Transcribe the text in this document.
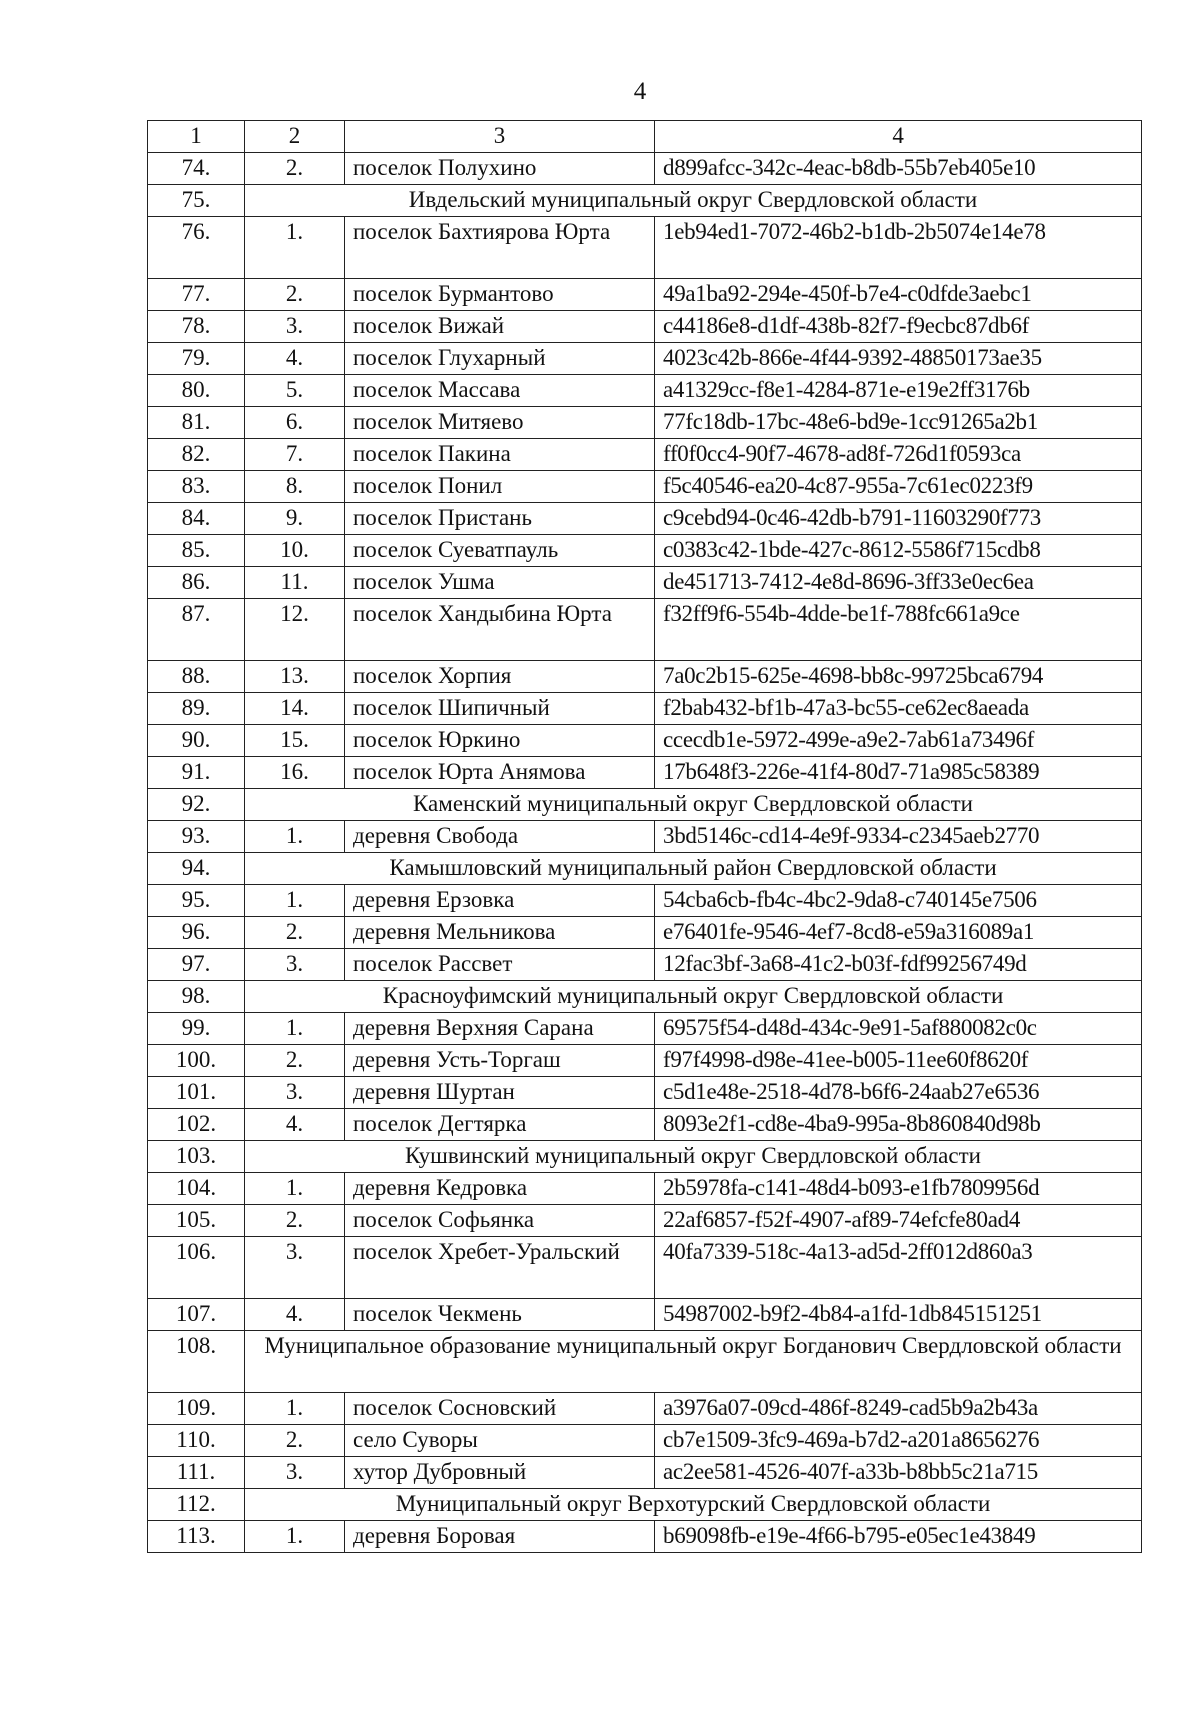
4
1	2	3	4
74.	2.	поселок Полухино	d899afcc-342c-4eac-b8db-55b7eb405e10
75.	Ивдельский муниципальный округ Свердловской области		
76.	1.	поселок Бахтиярова Юрта	1eb94ed1-7072-46b2-b1db-2b5074e14e78
77.	2.	поселок Бурмантово	49a1ba92-294e-450f-b7e4-c0dfde3aebc1
78.	3.	поселок Вижай	c44186e8-d1df-438b-82f7-f9ecbc87db6f
79.	4.	поселок Глухарный	4023c42b-866e-4f44-9392-48850173ae35
80.	5.	поселок Массава	a41329cc-f8e1-4284-871e-e19e2ff3176b
81.	6.	поселок Митяево	77fc18db-17bc-48e6-bd9e-1cc91265a2b1
82.	7.	поселок Пакина	ff0f0cc4-90f7-4678-ad8f-726d1f0593ca
83.	8.	поселок Понил	f5c40546-ea20-4c87-955a-7c61ec0223f9
84.	9.	поселок Пристань	c9cebd94-0c46-42db-b791-11603290f773
85.	10.	поселок Суеватпауль	c0383c42-1bde-427c-8612-5586f715cdb8
86.	11.	поселок Ушма	de451713-7412-4e8d-8696-3ff33e0ec6ea
87.	12.	поселок Хандыбина Юрта	f32ff9f6-554b-4dde-be1f-788fc661a9ce
88.	13.	поселок Хорпия	7a0c2b15-625e-4698-bb8c-99725bca6794
89.	14.	поселок Шипичный	f2bab432-bf1b-47a3-bc55-ce62ec8aeada
90.	15.	поселок Юркино	ccecdb1e-5972-499e-a9e2-7ab61a73496f
91.	16.	поселок Юрта Анямова	17b648f3-226e-41f4-80d7-71a985c58389
92.	Каменский муниципальный округ Свердловской области		
93.	1.	деревня Свобода	3bd5146c-cd14-4e9f-9334-c2345aeb2770
94.	Камышловский муниципальный район Свердловской области		
95.	1.	деревня Ерзовка	54cba6cb-fb4c-4bc2-9da8-c740145e7506
96.	2.	деревня Мельникова	e76401fe-9546-4ef7-8cd8-e59a316089a1
97.	3.	поселок Рассвет	12fac3bf-3a68-41c2-b03f-fdf99256749d
98.	Красноуфимский муниципальный округ Свердловской области		
99.	1.	деревня Верхняя Сарана	69575f54-d48d-434c-9e91-5af880082c0c
100.	2.	деревня Усть-Торгаш	f97f4998-d98e-41ee-b005-11ee60f8620f
101.	3.	деревня Шуртан	c5d1e48e-2518-4d78-b6f6-24aab27e6536
102.	4.	поселок Дегтярка	8093e2f1-cd8e-4ba9-995a-8b860840d98b
103.	Кушвинский муниципальный округ Свердловской области		
104.	1.	деревня Кедровка	2b5978fa-c141-48d4-b093-e1fb7809956d
105.	2.	поселок Софьянка	22af6857-f52f-4907-af89-74efcfe80ad4
106.	3.	поселок Хребет-Уральский	40fa7339-518c-4a13-ad5d-2ff012d860a3
107.	4.	поселок Чекмень	54987002-b9f2-4b84-a1fd-1db845151251
108.	Муниципальное образование муниципальный округ Богданович Свердловской области		
109.	1.	поселок Сосновский	a3976a07-09cd-486f-8249-cad5b9a2b43a
110.	2.	село Суворы	cb7e1509-3fc9-469a-b7d2-a201a8656276
111.	3.	хутор Дубровный	ac2ee581-4526-407f-a33b-b8bb5c21a715
112.	Муниципальный округ Верхотурский Свердловской области		
113.	1.	деревня Боровая	b69098fb-e19e-4f66-b795-e05ec1e43849
